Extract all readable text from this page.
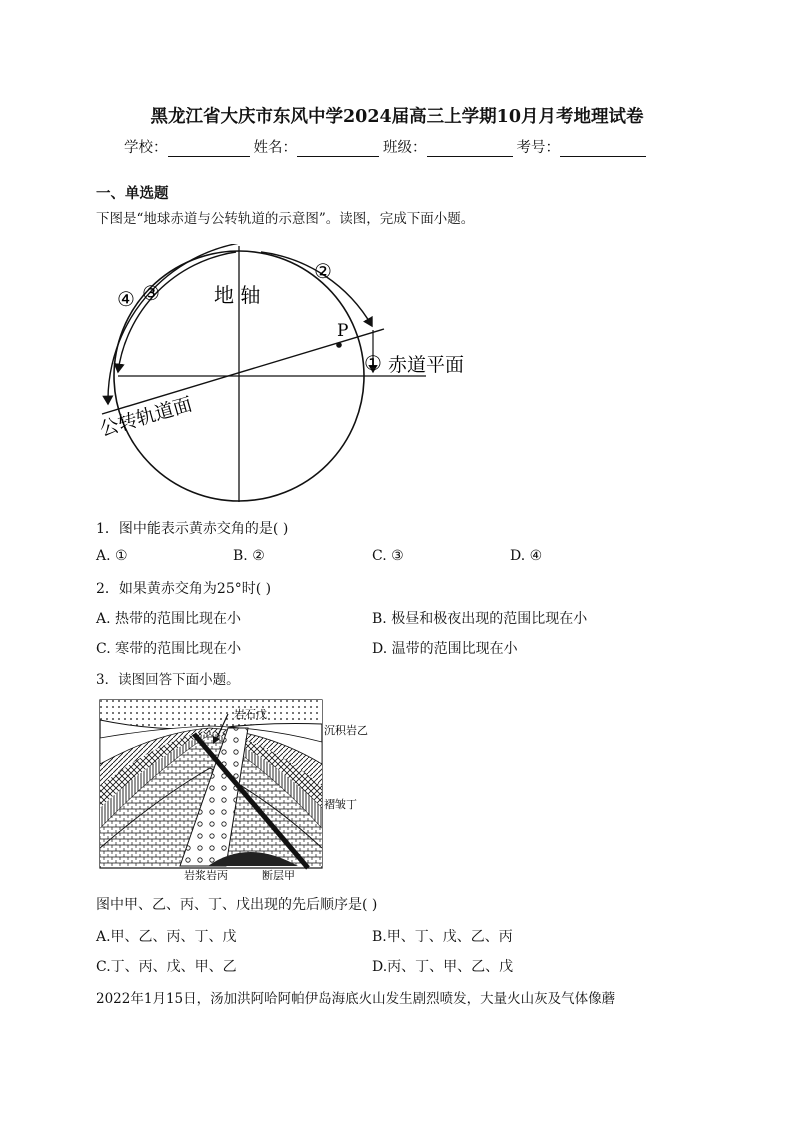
黑龙江省大庆市东风中学2024届高三上学期10月月考地理试卷
学校：	姓名：	班级：	考号：
一、单选题
下图是“地球赤道与公转轨道的示意图”。读图，完成下面小题。
P
地 轴
①
②
③
④
赤道平面
公转轨道面
1．图中能表示黄赤交角的是( )
A. ①	B. ②	C. ③	D. ④
2．如果黄赤交角为25°时( )
A. 热带的范围比现在小	B. 极昼和极夜出现的范围比现在小
C. 寒带的范围比现在小	D. 温带的范围比现在小
3．读图回答下面小题。
岩石戊
沉积岩乙
褶皱丁
岩浆岩丙	断层甲
图中甲、乙、丙、丁、戊出现的先后顺序是( )
A.甲、乙、丙、丁、戊	B.甲、丁、戊、乙、丙
C.丁、丙、戊、甲、乙	D.丙、丁、甲、乙、戊
2022年1月15日，汤加洪阿哈阿帕伊岛海底火山发生剧烈喷发，大量火山灰及气体像蘑
